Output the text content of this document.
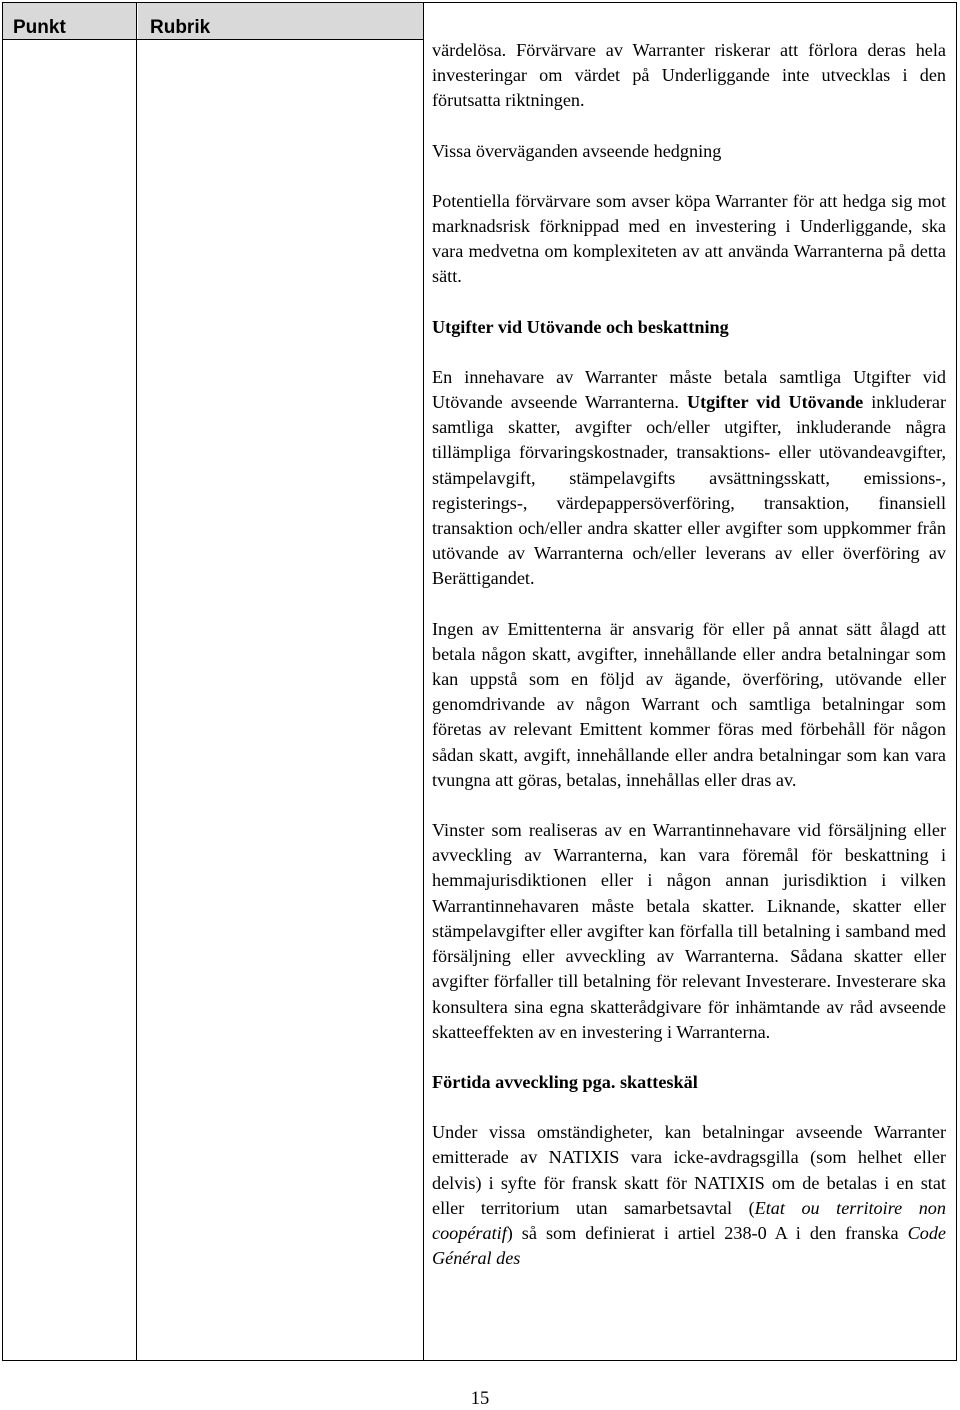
Punkt	Rubrik

värdelösa. Förvärvare av Warranter riskerar att förlora deras hela investeringar om värdet på Underliggande inte utvecklas i den förutsatta riktningen.

Vissa överväganden avseende hedgning

Potentiella förvärvare som avser köpa Warranter för att hedga sig mot marknadsrisk förknippad med en investering i Underliggande, ska vara medvetna om komplexiteten av att använda Warranterna på detta sätt.

Utgifter vid Utövande och beskattning

En innehavare av Warranter måste betala samtliga Utgifter vid Utövande avseende Warranterna. Utgifter vid Utövande inkluderar samtliga skatter, avgifter och/eller utgifter, inkluderande några tillämpliga förvaringskostnader, transaktions- eller utövandeavgifter, stämpelavgift, stämpelavgifts avsättningsskatt, emissions-, registerings-, värdepappersöverföring, transaktion, finansiell transaktion och/eller andra skatter eller avgifter som uppkommer från utövande av Warranterna och/eller leverans av eller överföring av Berättigandet.

Ingen av Emittenterna är ansvarig för eller på annat sätt ålagd att betala någon skatt, avgifter, innehållande eller andra betalningar som kan uppstå som en följd av ägande, överföring, utövande eller genomdrivande av någon Warrant och samtliga betalningar som företas av relevant Emittent kommer föras med förbehåll för någon sådan skatt, avgift, innehållande eller andra betalningar som kan vara tvungna att göras, betalas, innehållas eller dras av.

Vinster som realiseras av en Warrantinnehavare vid försäljning eller avveckling av Warranterna, kan vara föremål för beskattning i hemmajurisdiktionen eller i någon annan jurisdiktion i vilken Warrantinnehavaren måste betala skatter. Liknande, skatter eller stämpelavgifter eller avgifter kan förfalla till betalning i samband med försäljning eller avveckling av Warranterna. Sådana skatter eller avgifter förfaller till betalning för relevant Investerare. Investerare ska konsultera sina egna skatterådgivare för inhämtande av råd avseende skatteeffekten av en investering i Warranterna.

Förtida avveckling pga. skatteskäl

Under vissa omständigheter, kan betalningar avseende Warranter emitterade av NATIXIS vara icke-avdragsgilla (som helhet eller delvis) i syfte för fransk skatt för NATIXIS om de betalas i en stat eller territorium utan samarbetsavtal (Etat ou territoire non coopératif) så som definierat i artiel 238-0 A i den franska Code Général des

15
